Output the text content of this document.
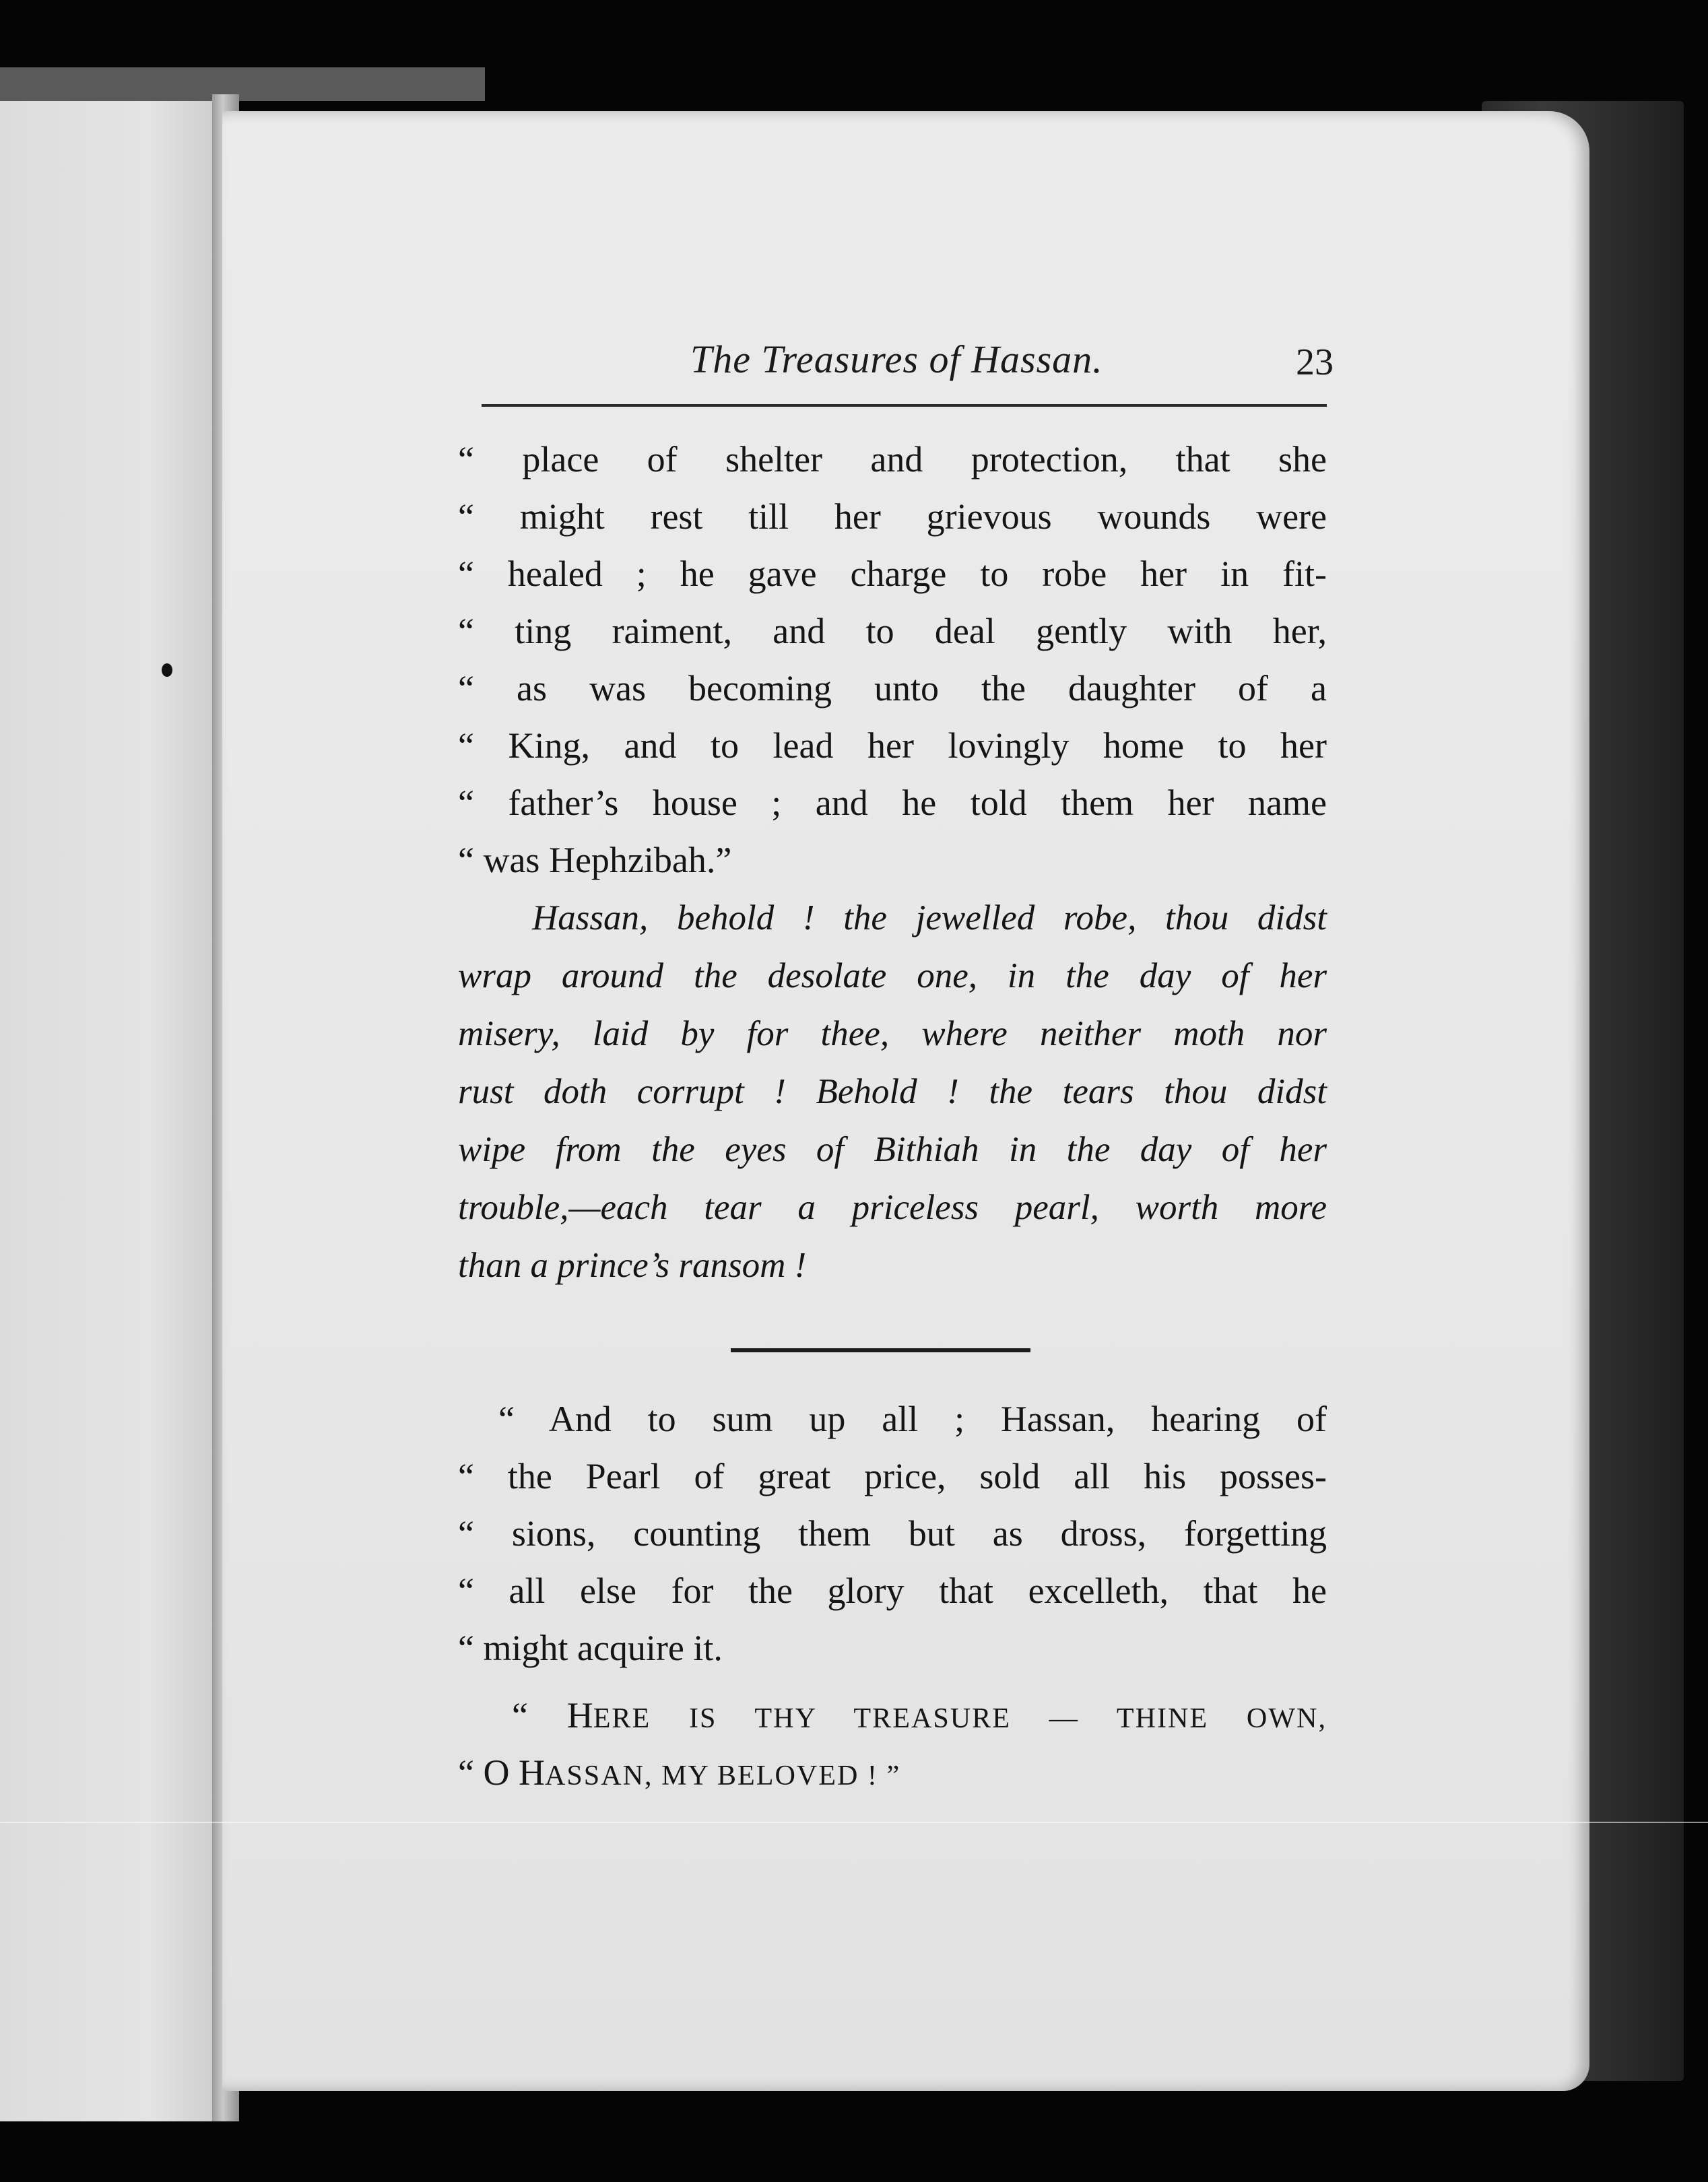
The Treasures of Hassan.	23
“ place of shelter and protection, that she
“ might rest till her grievous wounds were
“ healed ; he gave charge to robe her in fit-
“ ting raiment, and to deal gently with her,
“ as was becoming unto the daughter of a
“ King, and to lead her lovingly home to her
“ father’s house ; and he told them her name
“ was Hephzibah.”
Hassan, behold ! the jewelled robe, thou didst
wrap around the desolate one, in the day of her
misery, laid by for thee, where neither moth nor
rust doth corrupt ! Behold ! the tears thou didst
wipe from the eyes of Bithiah in the day of her
trouble,—each tear a priceless pearl, worth more
than a prince’s ransom !
“ And to sum up all ; Hassan, hearing of
“ the Pearl of great price, sold all his posses-
“ sions, counting them but as dross, forgetting
“ all else for the glory that excelleth, that he
“ might acquire it.
“ HERE IS THY TREASURE — THINE OWN,
“ O HASSAN, MY BELOVED ! ”
